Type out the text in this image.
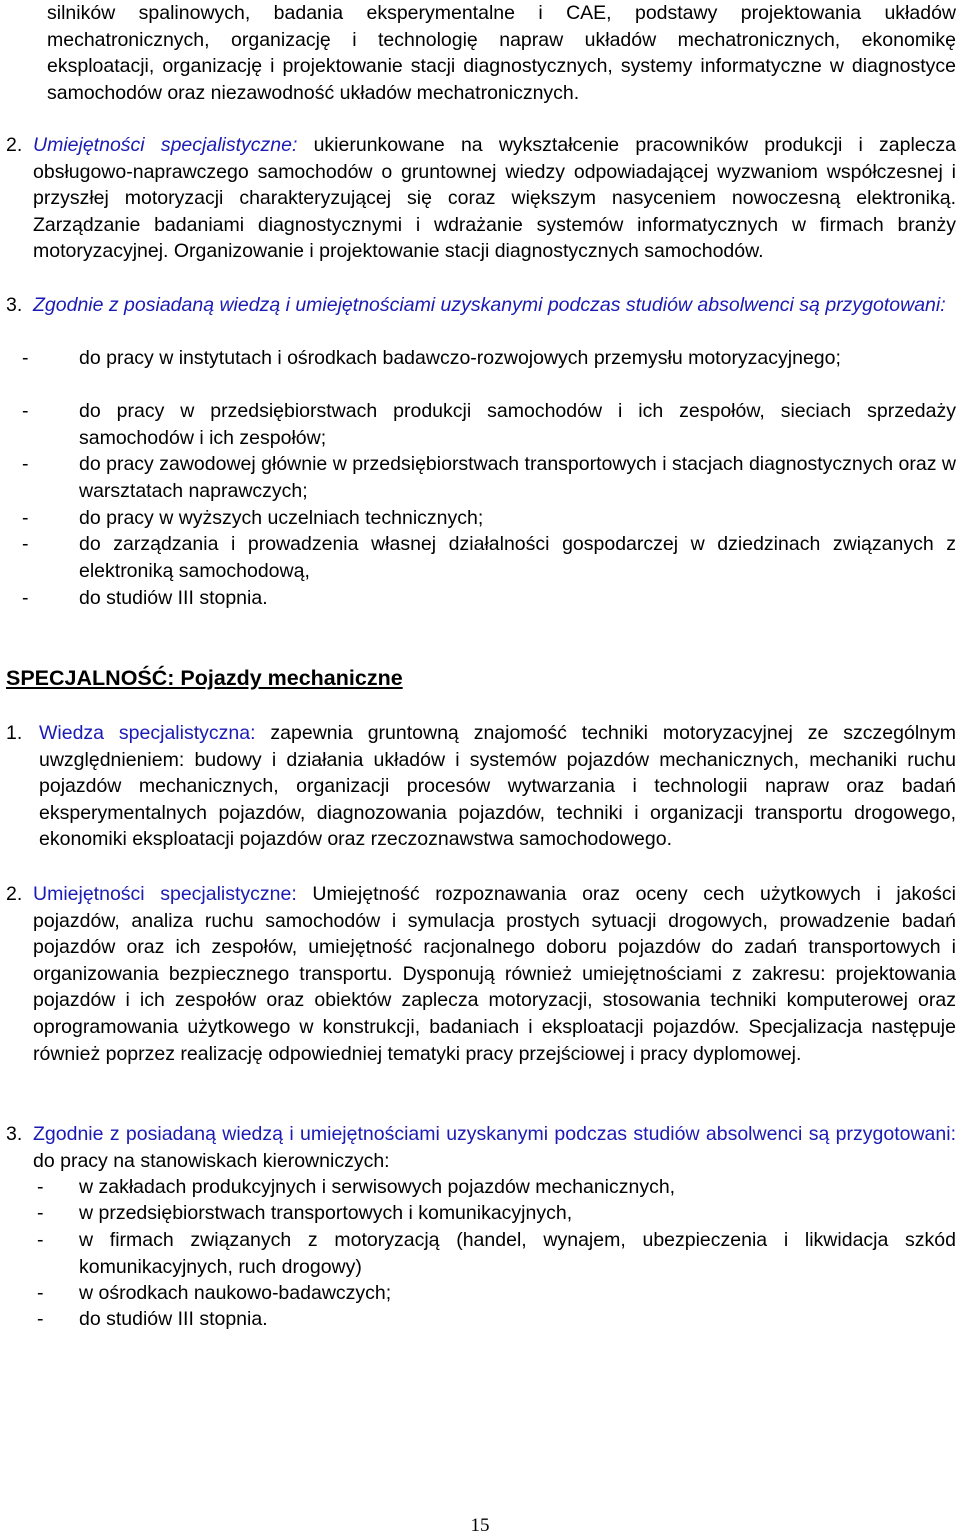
silników spalinowych, badania eksperymentalne i CAE, podstawy projektowania układów mechatronicznych, organizację i technologię napraw układów mechatronicznych, ekonomikę eksploatacji, organizację i projektowanie stacji diagnostycznych, systemy informatyczne w diagnostyce samochodów oraz niezawodność układów mechatronicznych.

2. Umiejętności specjalistyczne: ukierunkowane na wykształcenie pracowników produkcji i zaplecza obsługowo-naprawczego samochodów o gruntownej wiedzy odpowiadającej wyzwaniom współczesnej i przyszłej motoryzacji charakteryzującej się coraz większym nasyceniem nowoczesną elektroniką. Zarządzanie badaniami diagnostycznymi i wdrażanie systemów informatycznych w firmach branży motoryzacyjnej. Organizowanie i projektowanie stacji diagnostycznych samochodów.

3. Zgodnie z posiadaną wiedzą i umiejętnościami uzyskanymi podczas studiów absolwenci są przygotowani:

-	do pracy w instytutach i ośrodkach badawczo-rozwojowych przemysłu motoryzacyjnego;
-	do pracy w przedsiębiorstwach produkcji samochodów i ich zespołów, sieciach sprzedaży samochodów i ich zespołów;
-	do pracy zawodowej głównie w przedsiębiorstwach transportowych i stacjach diagnostycznych oraz w warsztatach naprawczych;
-	do pracy w wyższych uczelniach technicznych;
-	do zarządzania i prowadzenia własnej działalności gospodarczej w dziedzinach związanych z elektroniką samochodową,
-	do studiów III stopnia.
SPECJALNOŚĆ: Pojazdy mechaniczne
1. Wiedza specjalistyczna: zapewnia gruntowną znajomość techniki motoryzacyjnej ze szczególnym uwzględnieniem: budowy i działania układów i systemów pojazdów mechanicznych, mechaniki ruchu pojazdów mechanicznych, organizacji procesów wytwarzania i technologii napraw oraz badań eksperymentalnych pojazdów, diagnozowania pojazdów, techniki i organizacji transportu drogowego, ekonomiki eksploatacji pojazdów oraz rzeczoznawstwa samochodowego.

2. Umiejętności specjalistyczne: Umiejętność rozpoznawania oraz oceny cech użytkowych i jakości pojazdów, analiza ruchu samochodów i symulacja prostych sytuacji drogowych, prowadzenie badań pojazdów oraz ich zespołów, umiejętność racjonalnego doboru pojazdów do zadań transportowych i organizowania bezpiecznego transportu. Dysponują również umiejętnościami z zakresu: projektowania pojazdów i ich zespołów oraz obiektów zaplecza motoryzacji, stosowania techniki komputerowej oraz oprogramowania użytkowego w konstrukcji, badaniach i eksploatacji pojazdów. Specjalizacja następuje również poprzez realizację odpowiedniej tematyki pracy przejściowej i pracy dyplomowej.

3. Zgodnie z posiadaną wiedzą i umiejętnościami uzyskanymi podczas studiów absolwenci są przygotowani: do pracy na stanowiskach kierowniczych:

- w zakładach produkcyjnych i serwisowych pojazdów mechanicznych,
- w przedsiębiorstwach transportowych i komunikacyjnych,
- w firmach związanych z motoryzacją (handel, wynajem, ubezpieczenia i likwidacja szkód komunikacyjnych, ruch drogowy)
- w ośrodkach naukowo-badawczych;
- do studiów III stopnia.
15
